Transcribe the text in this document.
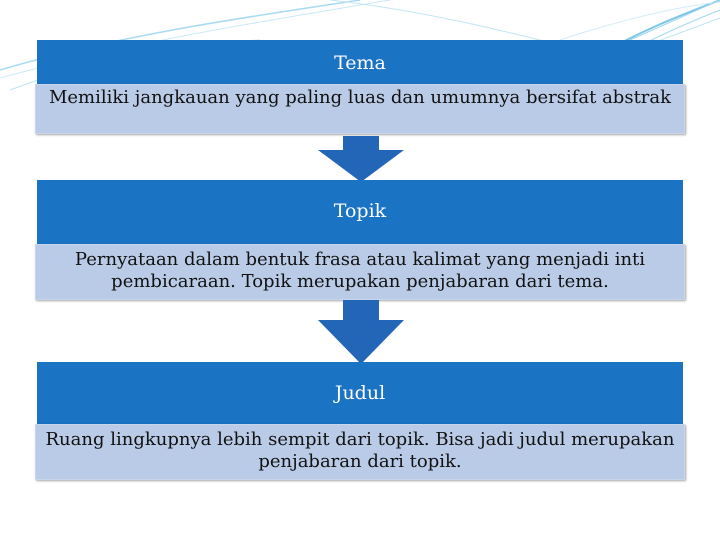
Tema
Memiliki jangkauan yang paling luas dan umumnya bersifat abstrak
Topik
Pernyataan dalam bentuk frasa atau kalimat yang menjadi inti pembicaraan. Topik merupakan penjabaran dari tema.
Judul
Ruang lingkupnya lebih sempit dari topik. Bisa jadi judul merupakan penjabaran dari topik.
